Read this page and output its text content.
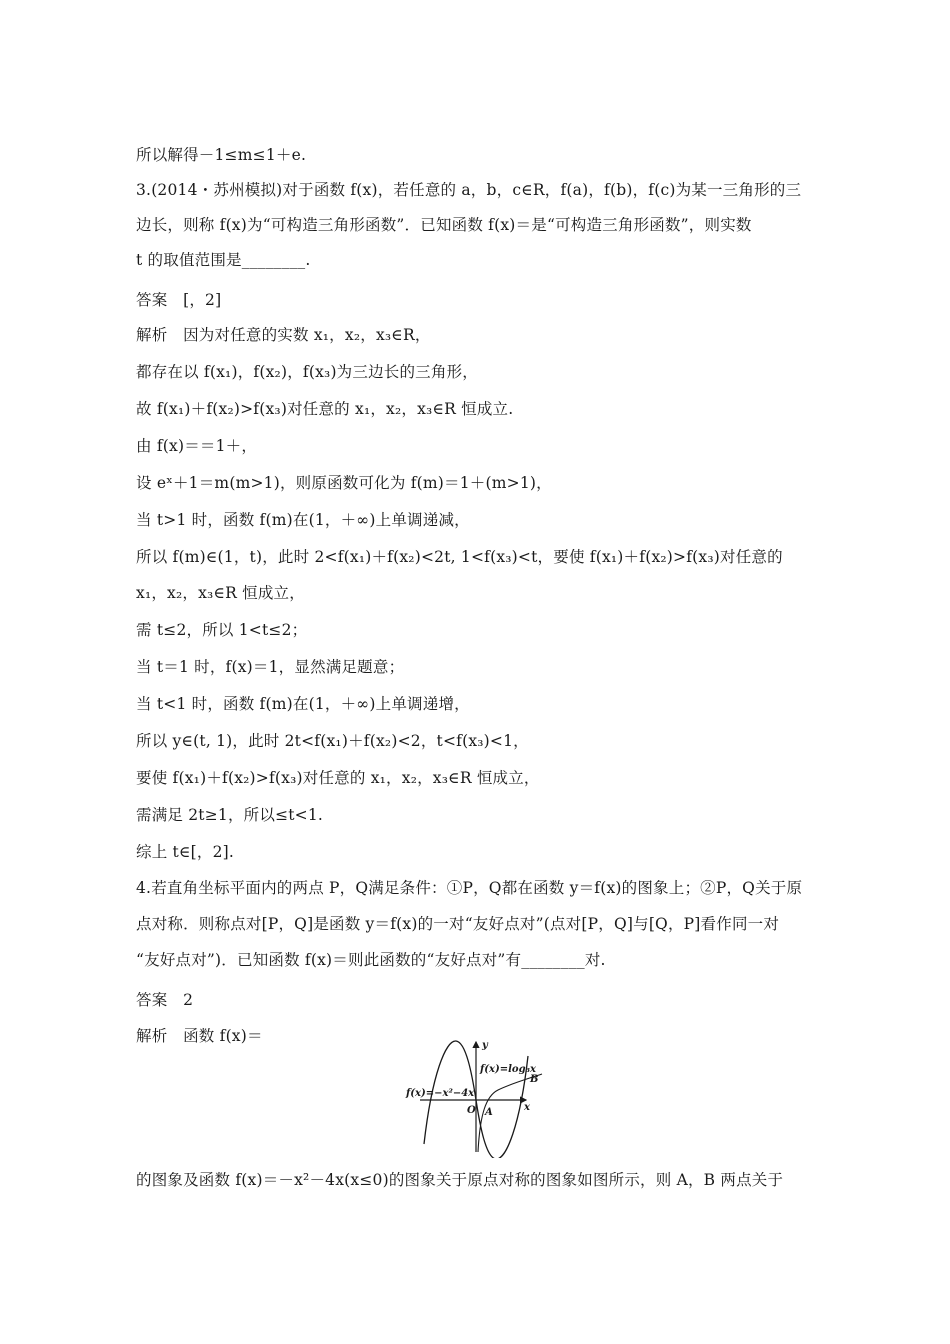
所以解得－1≤m≤1＋e.
3.(2014・苏州模拟)对于函数 f(x)，若任意的 a，b，c∈R，f(a)，f(b)，f(c)为某一三角形的三
边长，则称 f(x)为“可构造三角形函数”．已知函数 f(x)＝是“可构造三角形函数”，则实数
t 的取值范围是________.
答案　[，2]
解析　因为对任意的实数 x₁，x₂，x₃∈R，
都存在以 f(x₁)，f(x₂)，f(x₃)为三边长的三角形，
故 f(x₁)＋f(x₂)>f(x₃)对任意的 x₁，x₂，x₃∈R 恒成立.
由 f(x)＝＝1＋，
设 eˣ＋1＝m(m>1)，则原函数可化为 f(m)＝1＋(m>1)，
当 t>1 时，函数 f(m)在(1，＋∞)上单调递减，
所以 f(m)∈(1，t)，此时 2<f(x₁)＋f(x₂)<2t, 1<f(x₃)<t，要使 f(x₁)＋f(x₂)>f(x₃)对任意的
x₁，x₂，x₃∈R 恒成立，
需 t≤2，所以 1<t≤2；
当 t＝1 时，f(x)＝1，显然满足题意；
当 t<1 时，函数 f(m)在(1，＋∞)上单调递增，
所以 y∈(t, 1)，此时 2t<f(x₁)＋f(x₂)<2，t<f(x₃)<1，
要使 f(x₁)＋f(x₂)>f(x₃)对任意的 x₁，x₂，x₃∈R 恒成立，
需满足 2t≥1，所以≤t<1.
综上 t∈[，2].
4.若直角坐标平面内的两点 P，Q满足条件：①P，Q都在函数 y＝f(x)的图象上；②P，Q关于原
点对称．则称点对[P，Q]是函数 y＝f(x)的一对“友好点对”(点对[P，Q]与[Q，P]看作同一对
“友好点对”)．已知函数 f(x)＝则此函数的“友好点对”有________对.
答案　2
解析　函数 f(x)＝
y
x
O A
B
f(x)=log₃x
f(x)=−x²−4x
的图象及函数 f(x)＝－x²－4x(x≤0)的图象关于原点对称的图象如图所示，则 A，B 两点关于
